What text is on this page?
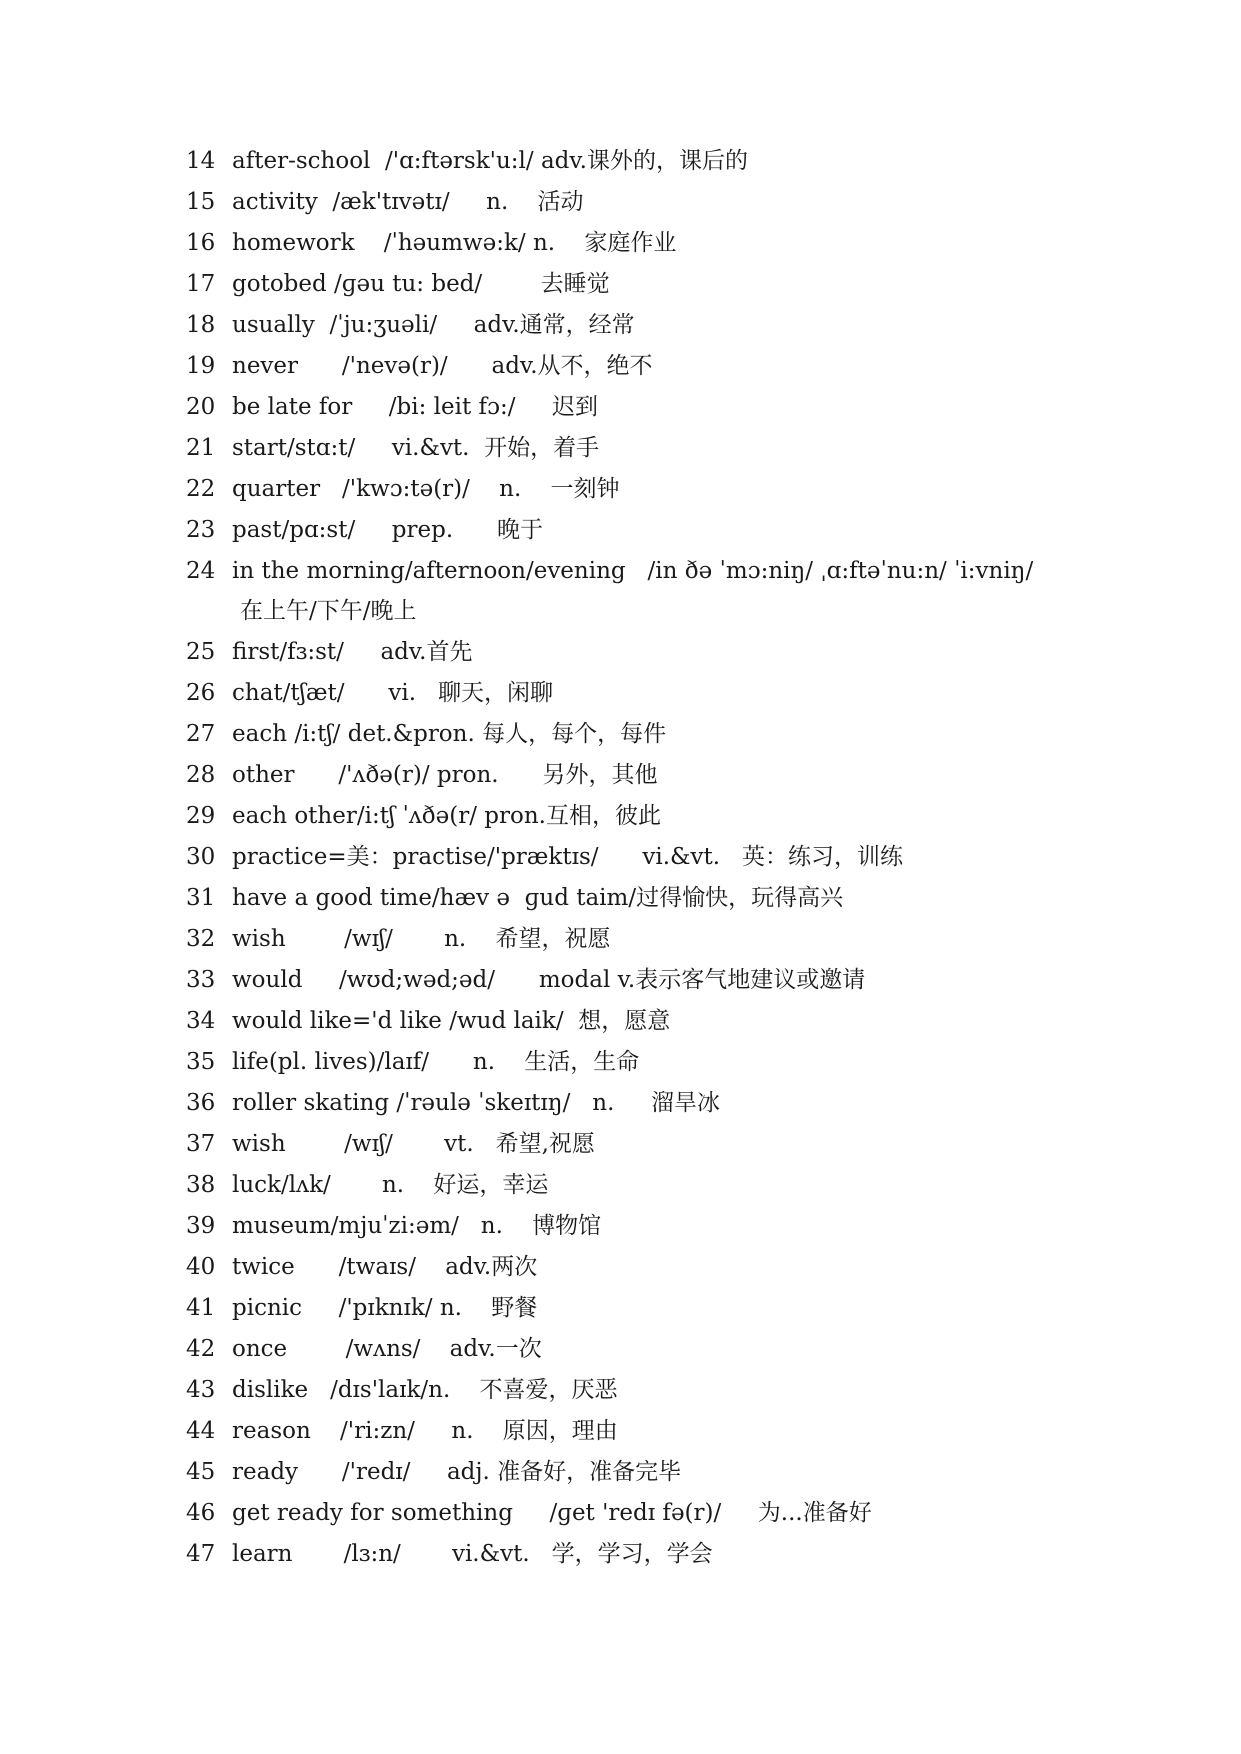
14 after-school  /'ɑ:ftərsk'u:l/ adv.课外的，课后的
15 activity  /æk'tɪvətɪ/     n.    活动
16 homework    /ˈhəumwə:k/ n.    家庭作业
17 gotobed /ɡəu tu: bed/        去睡觉
18 usually  /ˈju:ʒuəli/     adv.通常，经常
19 never      /'nevə(r)/      adv.从不，绝不
20 be late for     /bi: leit fɔ:/     迟到
21 start/stɑ:t/     vi.&vt.  开始，着手
22 quarter   /'kwɔ:tə(r)/    n.    一刻钟
23 past/pɑ:st/     prep.      晚于
24 in the morning/afternoon/evening   /in ðə ˈmɔ:niŋ/ ˌɑ:ftəˈnu:n/ ˈi:vniŋ/
在上午/下午/晚上
25 first/fɜ:st/     adv.首先
26 chat/tʃæt/      vi.   聊天，闲聊
27 each /i:tʃ/ det.&pron. 每人，每个，每件
28 other      /'ʌðə(r)/ pron.      另外，其他
29 each other/i:tʃ ˈʌðə(r/ pron.互相，彼此
30 practice=美：practise/'præktɪs/      vi.&vt.   英：练习，训练
31 have a good time/hæv ə  ɡud taim/过得愉快，玩得高兴
32 wish        /wɪʃ/       n.    希望，祝愿
33 would     /wʊd;wəd;əd/      modal v.表示客气地建议或邀请
34 would like='d like /wud laik/  想，愿意
35 life(pl. lives)/laɪf/      n.    生活，生命
36 roller skating /ˈrəulə ˈskeɪtɪŋ/   n.     溜旱冰
37 wish        /wɪʃ/       vt.   希望,祝愿
38 luck/lʌk/       n.    好运，幸运
39 museum/mjuˈzi:əm/   n.    博物馆
40 twice      /twaɪs/    adv.两次
41 picnic     /'pɪknɪk/ n.    野餐
42 once        /wʌns/    adv.一次
43 dislike   /dɪs'laɪk/n.    不喜爱，厌恶
44 reason    /'ri:zn/     n.    原因，理由
45 ready      /'redɪ/     adj. 准备好，准备完毕
46 get ready for something     /ɡet 'redɪ fə(r)/     为...准备好
47 learn       /lɜ:n/       vi.&vt.   学，学习，学会
